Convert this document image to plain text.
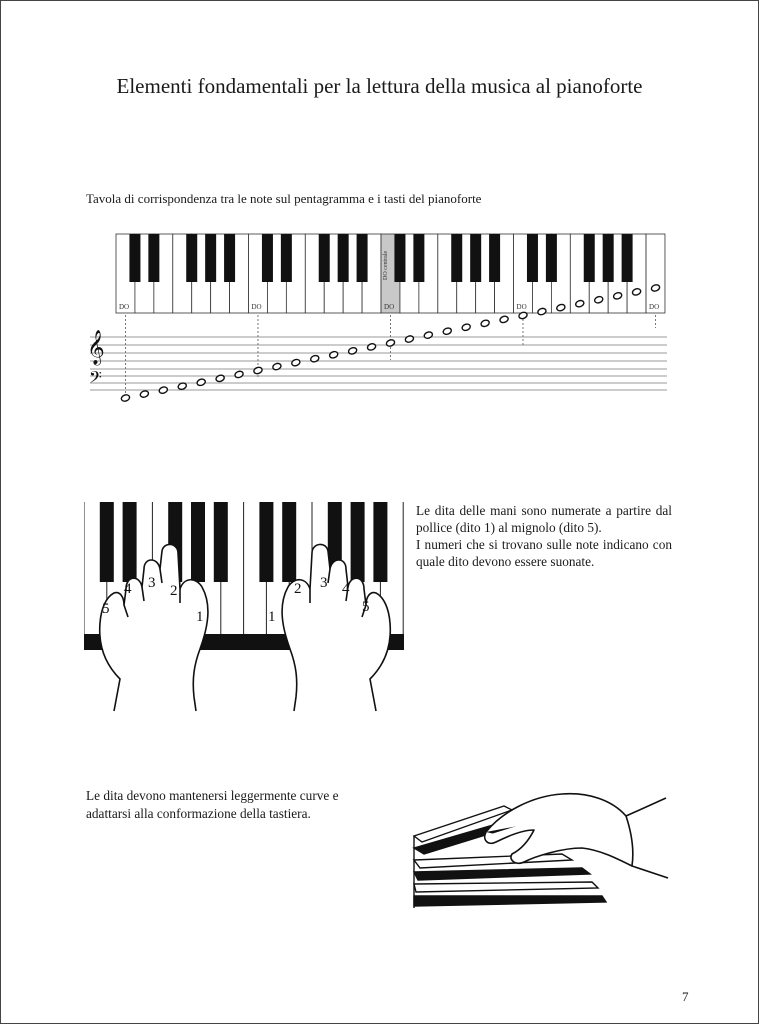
Elementi fondamentali per la lettura della musica al pianoforte
Tavola di corrispondenza tra le note sul pentagramma e i tasti del pianoforte
DO	DO	DO	DO	DO
DO centrale
𝄞
𝄢
5
4 3 2
1	1
2 3 4
5

Le dita delle mani sono numerate a partire dal pollice (dito 1) al mignolo (dito 5).

I numeri che si trovano sulle note indicano con quale dito devono essere suonate.

Le dita devono mantenersi leggermente curve e adattarsi alla conformazione della tastiera.
7
